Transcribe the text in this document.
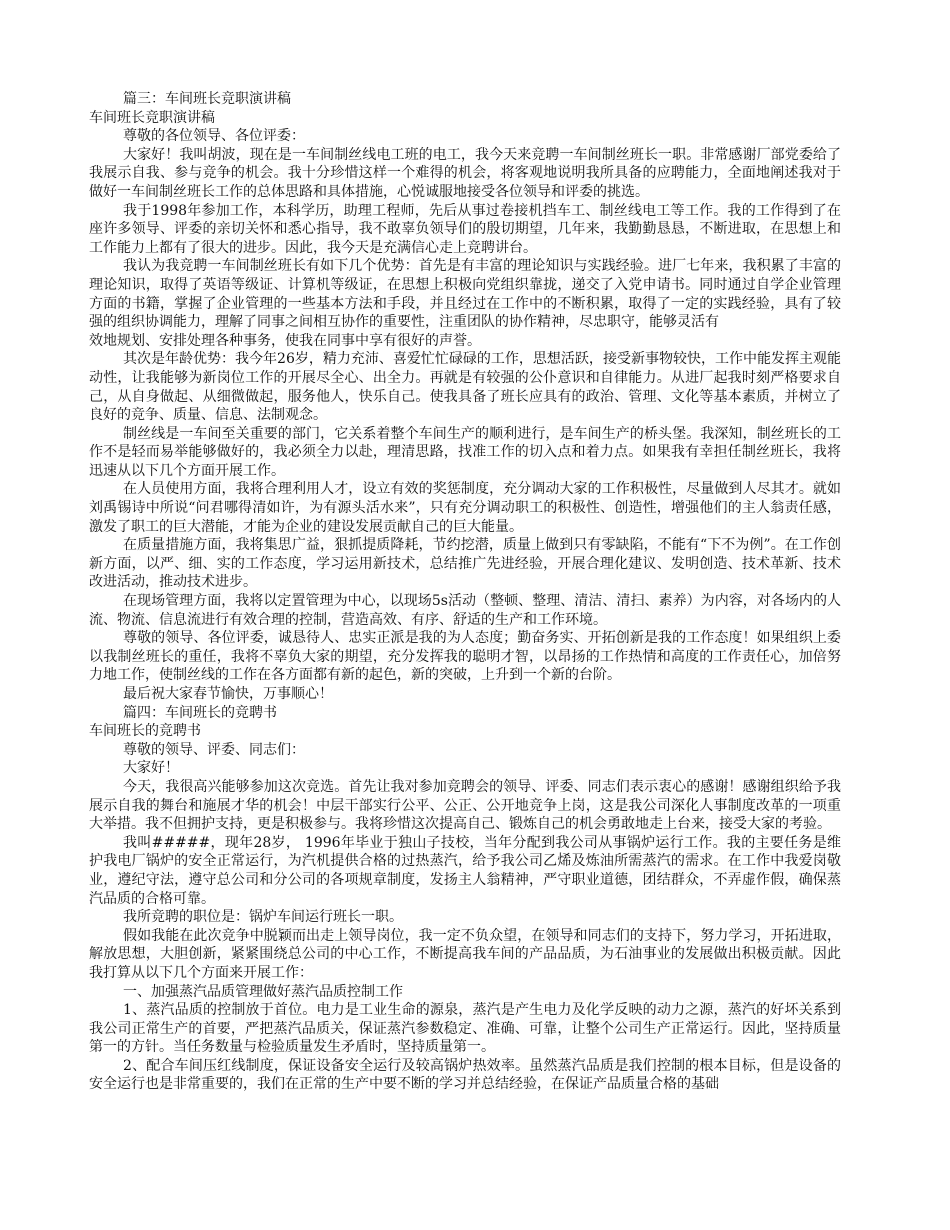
篇三：车间班长竞职演讲稿

车间班长竞职演讲稿

尊敬的各位领导、各位评委：

大家好！我叫胡波，现在是一车间制丝线电工班的电工，我今天来竞聘一车间制丝班长一职。非常感谢厂部党委给了我展示自我、参与竞争的机会。我十分珍惜这样一个难得的机会，将客观地说明我所具备的应聘能力，全面地阐述我对于做好一车间制丝班长工作的总体思路和具体措施，心悦诚服地接受各位领导和评委的挑选。

我于1998年参加工作，本科学历，助理工程师，先后从事过卷接机挡车工、制丝线电工等工作。我的工作得到了在座许多领导、评委的亲切关怀和悉心指导，我不敢辜负领导们的殷切期望，几年来，我勤勤恳恳，不断进取，在思想上和工作能力上都有了很大的进步。因此，我今天是充满信心走上竞聘讲台。

我认为我竞聘一车间制丝班长有如下几个优势：首先是有丰富的理论知识与实践经验。进厂七年来，我积累了丰富的理论知识，取得了英语等级证、计算机等级证，在思想上积极向党组织靠拢，递交了入党申请书。同时通过自学企业管理方面的书籍，掌握了企业管理的一些基本方法和手段，并且经过在工作中的不断积累，取得了一定的实践经验，具有了较强的组织协调能力，理解了同事之间相互协作的重要性，注重团队的协作精神，尽忠职守，能够灵活有

效地规划、安排处理各种事务，使我在同事中享有很好的声誉。

其次是年龄优势：我今年26岁，精力充沛、喜爱忙忙碌碌的工作，思想活跃，接受新事物较快，工作中能发挥主观能动性，让我能够为新岗位工作的开展尽全心、出全力。再就是有较强的公仆意识和自律能力。从进厂起我时刻严格要求自己，从自身做起、从细微做起，服务他人，快乐自己。使我具备了班长应具有的政治、管理、文化等基本素质，并树立了良好的竞争、质量、信息、法制观念。

制丝线是一车间至关重要的部门，它关系着整个车间生产的顺利进行，是车间生产的桥头堡。我深知，制丝班长的工作不是轻而易举能够做好的，我必须全力以赴，理清思路，找准工作的切入点和着力点。如果我有幸担任制丝班长，我将迅速从以下几个方面开展工作。

在人员使用方面，我将合理利用人才，设立有效的奖惩制度，充分调动大家的工作积极性，尽量做到人尽其才。就如刘禹锡诗中所说“问君哪得清如许，为有源头活水来”，只有充分调动职工的积极性、创造性，增强他们的主人翁责任感，激发了职工的巨大潜能，才能为企业的建设发展贡献自己的巨大能量。

在质量措施方面，我将集思广益，狠抓提质降耗，节约挖潜，质量上做到只有零缺陷，不能有“下不为例”。在工作创新方面，以严、细、实的工作态度，学习运用新技术，总结推广先进经验，开展合理化建议、发明创造、技术革新、技术改进活动，推动技术进步。

在现场管理方面，我将以定置管理为中心，以现场5s活动（整顿、整理、清洁、清扫、素养）为内容，对各场内的人流、物流、信息流进行有效合理的控制，营造高效、有序、舒适的生产和工作环境。

尊敬的领导、各位评委，诚恳待人、忠实正派是我的为人态度；勤奋务实、开拓创新是我的工作态度！如果组织上委以我制丝班长的重任，我将不辜负大家的期望，充分发挥我的聪明才智，以昂扬的工作热情和高度的工作责任心，加倍努力地工作，使制丝线的工作在各方面都有新的起色，新的突破，上升到一个新的台阶。

最后祝大家春节愉快，万事顺心！

篇四：车间班长的竞聘书

车间班长的竞聘书

尊敬的领导、评委、同志们：

大家好！

今天，我很高兴能够参加这次竞选。首先让我对参加竞聘会的领导、评委、同志们表示衷心的感谢！感谢组织给予我展示自我的舞台和施展才华的机会！中层干部实行公平、公正、公开地竞争上岗，这是我公司深化人事制度改革的一项重大举措。我不但拥护支持，更是积极参与。我将珍惜这次提高自己、锻炼自己的机会勇敢地走上台来，接受大家的考验。

我叫#####，现年28岁， 1996年毕业于独山子技校，当年分配到我公司从事锅炉运行工作。我的主要任务是维护我电厂锅炉的安全正常运行，为汽机提供合格的过热蒸汽，给予我公司乙烯及炼油所需蒸汽的需求。在工作中我爱岗敬业，遵纪守法，遵守总公司和分公司的各项规章制度，发扬主人翁精神，严守职业道德，团结群众，不弄虚作假，确保蒸汽品质的合格可靠。

我所竞聘的职位是：锅炉车间运行班长一职。

假如我能在此次竞争中脱颖而出走上领导岗位，我一定不负众望，在领导和同志们的支持下，努力学习，开拓进取，解放思想，大胆创新，紧紧围绕总公司的中心工作，不断提高我车间的产品品质，为石油事业的发展做出积极贡献。因此我打算从以下几个方面来开展工作：

一、加强蒸汽品质管理做好蒸汽品质控制工作

1、蒸汽品质的控制放于首位。电力是工业生命的源泉，蒸汽是产生电力及化学反映的动力之源，蒸汽的好坏关系到我公司正常生产的首要，严把蒸汽品质关，保证蒸汽参数稳定、准确、可靠，让整个公司生产正常运行。因此，坚持质量第一的方针。当任务数量与检验质量发生矛盾时，坚持质量第一。

2、配合车间压红线制度，保证设备安全运行及较高锅炉热效率。虽然蒸汽品质是我们控制的根本目标，但是设备的安全运行也是非常重要的，我们在正常的生产中要不断的学习并总结经验，在保证产品质量合格的基础
